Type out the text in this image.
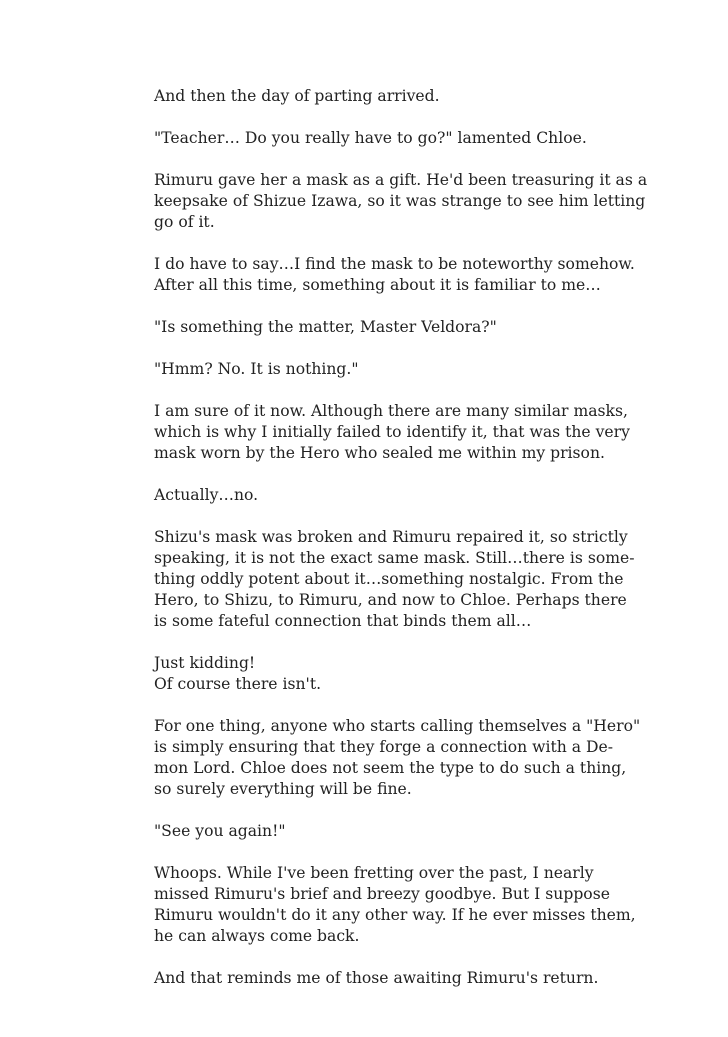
And then the day of parting arrived.

"Teacher… Do you really have to go?" lamented Chloe.

Rimuru gave her a mask as a gift. He'd been treasuring it as a
keepsake of Shizue Izawa, so it was strange to see him letting
go of it.

I do have to say…I find the mask to be noteworthy somehow.
After all this time, something about it is familiar to me…

"Is something the matter, Master Veldora?"

"Hmm? No. It is nothing."

I am sure of it now. Although there are many similar masks,
which is why I initially failed to identify it, that was the very
mask worn by the Hero who sealed me within my prison.

Actually…no.

Shizu's mask was broken and Rimuru repaired it, so strictly
speaking, it is not the exact same mask. Still…there is some-
thing oddly potent about it…something nostalgic. From the
Hero, to Shizu, to Rimuru, and now to Chloe. Perhaps there
is some fateful connection that binds them all…

Just kidding!
Of course there isn't.

For one thing, anyone who starts calling themselves a "Hero"
is simply ensuring that they forge a connection with a De-
mon Lord. Chloe does not seem the type to do such a thing,
so surely everything will be fine.

"See you again!"

Whoops. While I've been fretting over the past, I nearly
missed Rimuru's brief and breezy goodbye. But I suppose
Rimuru wouldn't do it any other way. If he ever misses them,
he can always come back.

And that reminds me of those awaiting Rimuru's return.
